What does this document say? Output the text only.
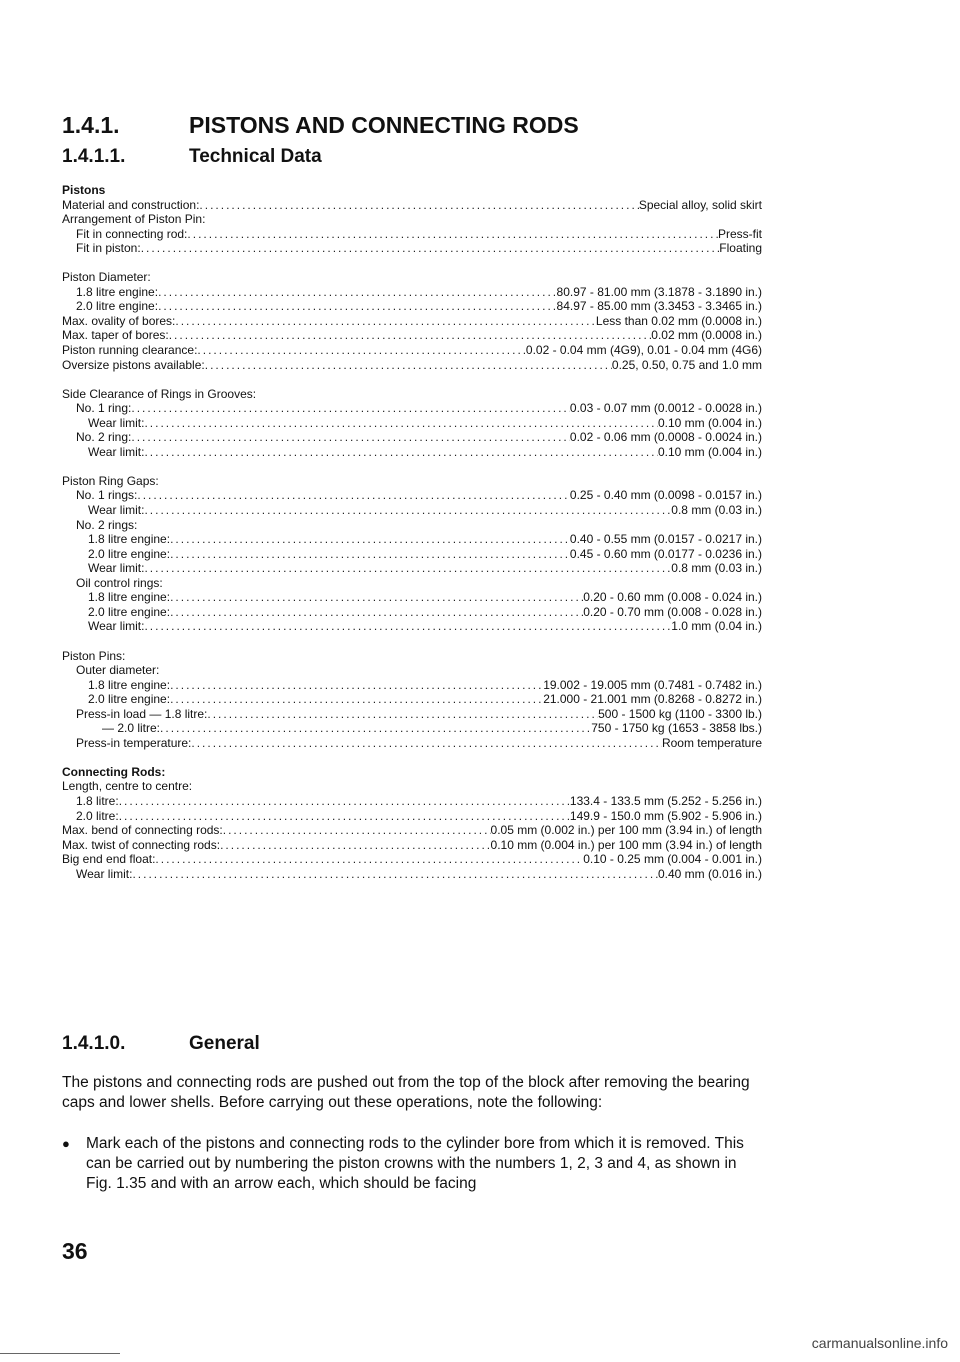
1.4.1.	PISTONS AND CONNECTING RODS
1.4.1.1.	Technical Data
Pistons
Material and construction: .....	Special alloy, solid skirt
Arrangement of Piston Pin:
Fit in connecting rod: .....	Press-fit
Fit in piston: .....	Floating
Piston Diameter:
1.8 litre engine: .....	80.97 - 81.00 mm (3.1878 - 3.1890 in.)
2.0 litre engine: .....	84.97 - 85.00 mm (3.3453 - 3.3465 in.)
Max. ovality of bores: .....	Less than 0.02 mm (0.0008 in.)
Max. taper of bores: .....	0.02 mm (0.0008 in.)
Piston running clearance: .....	0.02 - 0.04 mm (4G9), 0.01 - 0.04 mm (4G6)
Oversize pistons available: .....	0.25, 0.50, 0.75 and 1.0 mm
Side Clearance of Rings in Grooves:
No. 1 ring: .....	0.03 - 0.07 mm (0.0012 - 0.0028 in.)
Wear limit: .....	0.10 mm (0.004 in.)
No. 2 ring: .....	0.02 - 0.06 mm (0.0008 - 0.0024 in.)
Wear limit: .....	0.10 mm (0.004 in.)
Piston Ring Gaps:
No. 1 rings: .....	0.25 - 0.40 mm (0.0098 - 0.0157 in.)
Wear limit: .....	0.8 mm (0.03 in.)
No. 2 rings:
1.8 litre engine: .....	0.40 - 0.55 mm (0.0157 - 0.0217 in.)
2.0 litre engine: .....	0.45 - 0.60 mm (0.0177 - 0.0236 in.)
Wear limit: .....	0.8 mm (0.03 in.)
Oil control rings:
1.8 litre engine: .....	0.20 - 0.60 mm (0.008 - 0.024 in.)
2.0 litre engine: .....	0.20 - 0.70 mm (0.008 - 0.028 in.)
Wear limit: .....	1.0 mm (0.04 in.)
Piston Pins:
Outer diameter:
1.8 litre engine: .....	19.002 - 19.005 mm (0.7481 - 0.7482 in.)
2.0 litre engine: .....	21.000 - 21.001 mm (0.8268 - 0.8272 in.)
Press-in load — 1.8 litre: .....	500 - 1500 kg (1100 - 3300 lb.)
— 2.0 litre: .....	750 - 1750 kg (1653 - 3858 lbs.)
Press-in temperature: .....	Room temperature
Connecting Rods:
Length, centre to centre:
1.8 litre: .....	133.4 - 133.5 mm (5.252 - 5.256 in.)
2.0 litre: .....	149.9 - 150.0 mm (5.902 - 5.906 in.)
Max. bend of connecting rods: .....	0.05 mm (0.002 in.) per 100 mm (3.94 in.) of length
Max. twist of connecting rods: .....	0.10 mm (0.004 in.) per 100 mm (3.94 in.) of length
Big end end float: .....	0.10 - 0.25 mm (0.004 - 0.001 in.)
Wear limit: .....	0.40 mm (0.016 in.)
1.4.1.0.	General
The pistons and connecting rods are pushed out from the top of the block after removing the bearing caps and lower shells. Before carrying out these operations, note the following:
●	Mark each of the pistons and connecting rods to the cylinder bore from which it is removed. This can be carried out by numbering the piston crowns with the numbers 1, 2, 3 and 4, as shown in Fig. 1.35 and with an arrow each, which should be facing
36
carmanualsonline.info
